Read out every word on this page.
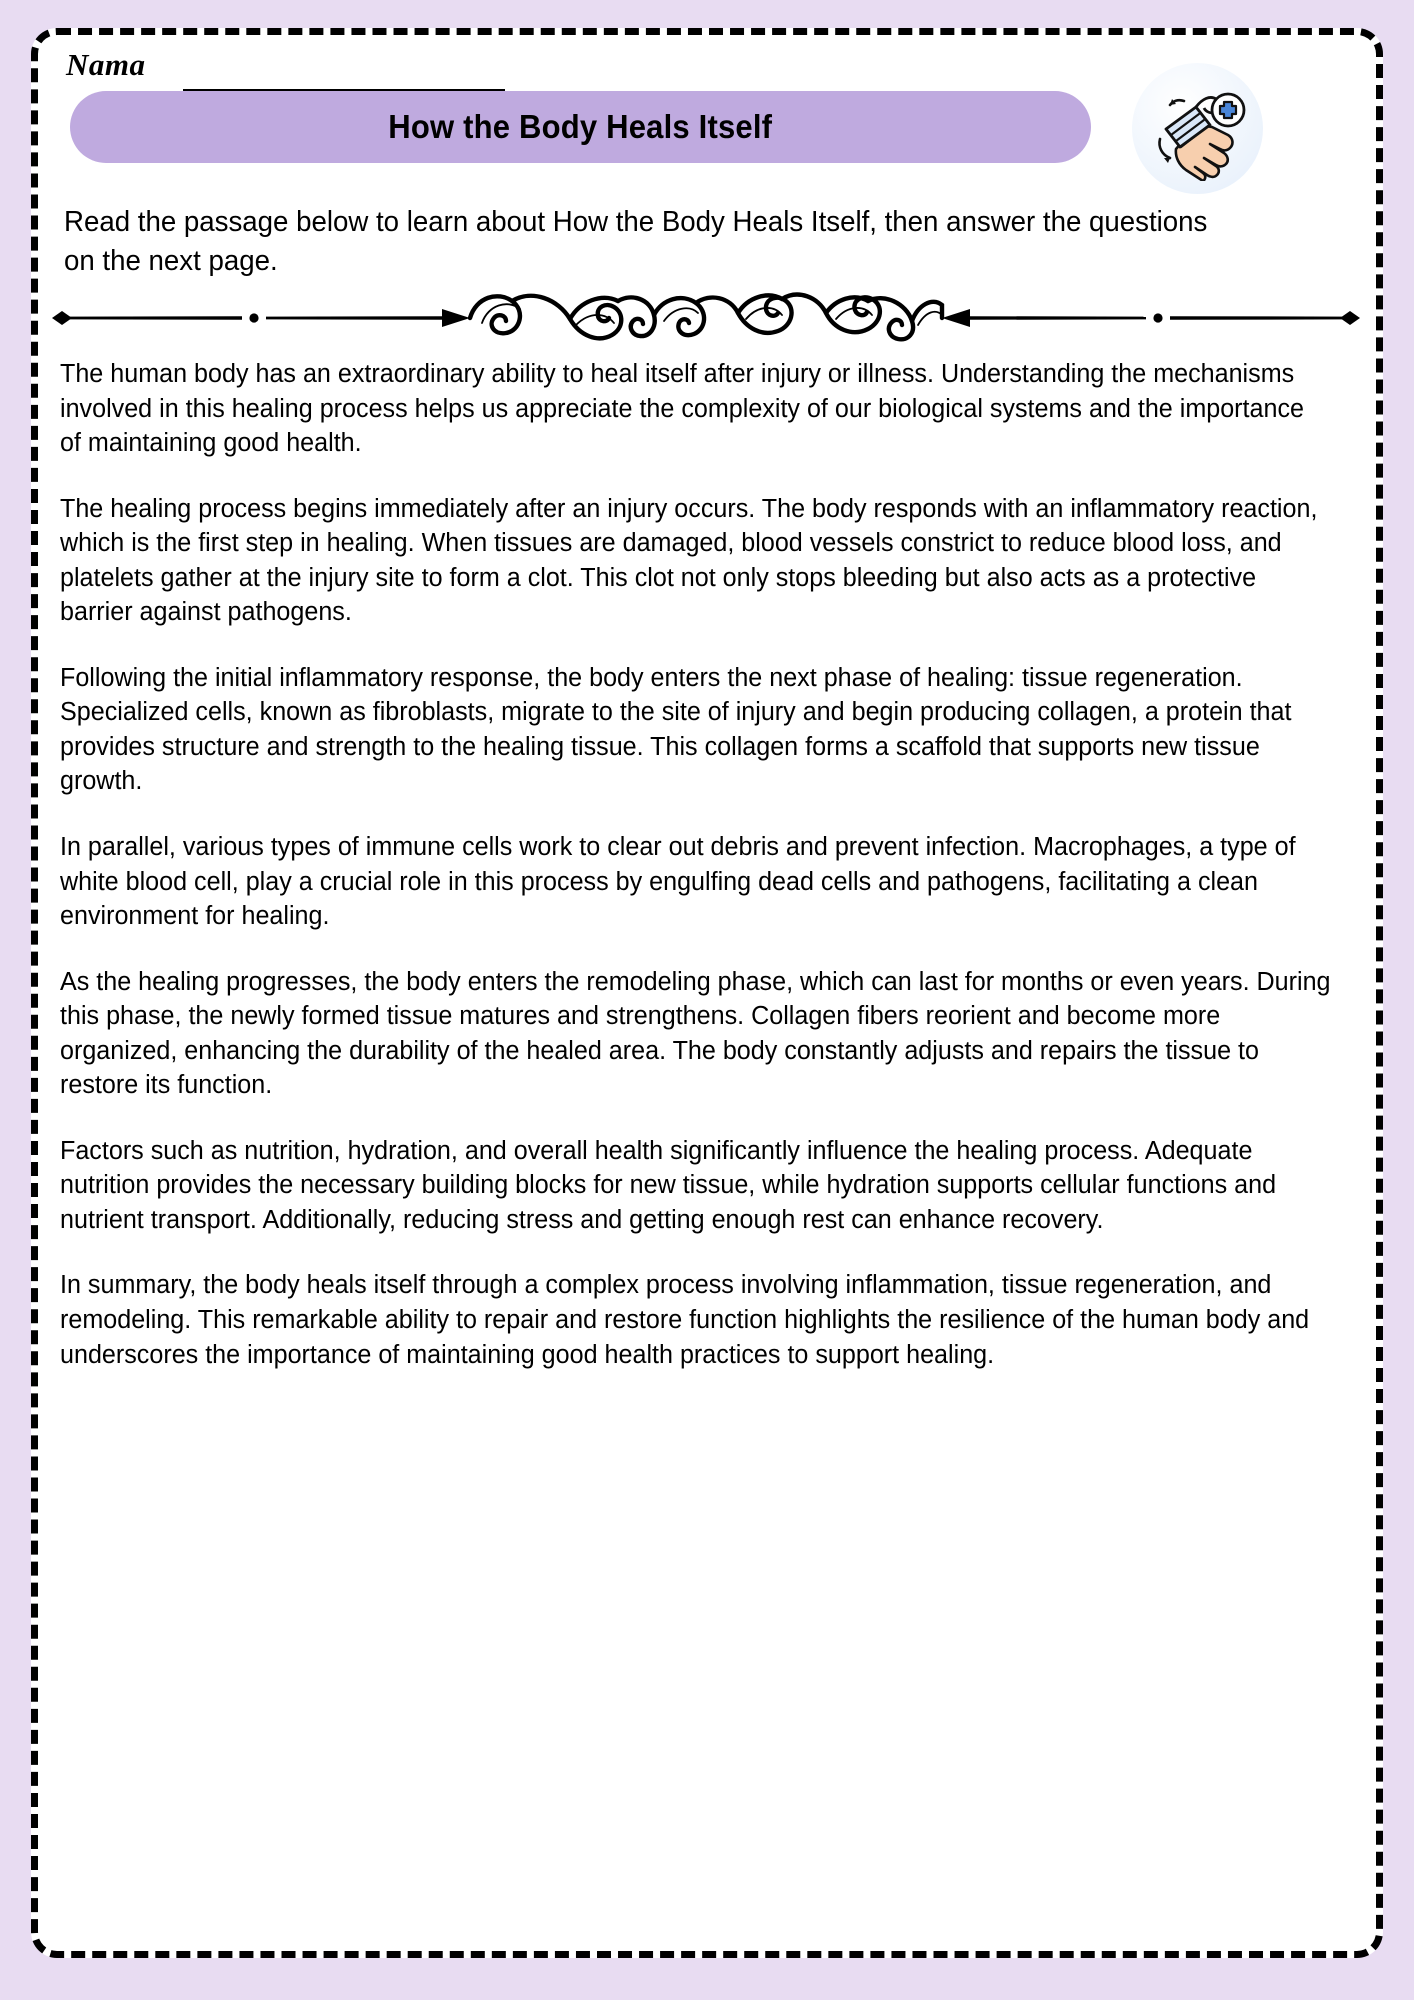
Nama
How the Body Heals Itself
Read the passage below to learn about How the Body Heals Itself, then answer the questions on the next page.

The human body has an extraordinary ability to heal itself after injury or illness. Understanding the mechanisms involved in this healing process helps us appreciate the complexity of our biological systems and the importance of maintaining good health.

The healing process begins immediately after an injury occurs. The body responds with an inflammatory reaction, which is the first step in healing. When tissues are damaged, blood vessels constrict to reduce blood loss, and platelets gather at the injury site to form a clot. This clot not only stops bleeding but also acts as a protective barrier against pathogens.

Following the initial inflammatory response, the body enters the next phase of healing: tissue regeneration. Specialized cells, known as fibroblasts, migrate to the site of injury and begin producing collagen, a protein that provides structure and strength to the healing tissue. This collagen forms a scaffold that supports new tissue growth.

In parallel, various types of immune cells work to clear out debris and prevent infection. Macrophages, a type of white blood cell, play a crucial role in this process by engulfing dead cells and pathogens, facilitating a clean environment for healing.

As the healing progresses, the body enters the remodeling phase, which can last for months or even years. During this phase, the newly formed tissue matures and strengthens. Collagen fibers reorient and become more organized, enhancing the durability of the healed area. The body constantly adjusts and repairs the tissue to restore its function.

Factors such as nutrition, hydration, and overall health significantly influence the healing process. Adequate nutrition provides the necessary building blocks for new tissue, while hydration supports cellular functions and nutrient transport. Additionally, reducing stress and getting enough rest can enhance recovery.

In summary, the body heals itself through a complex process involving inflammation, tissue regeneration, and remodeling. This remarkable ability to repair and restore function highlights the resilience of the human body and underscores the importance of maintaining good health practices to support healing.
